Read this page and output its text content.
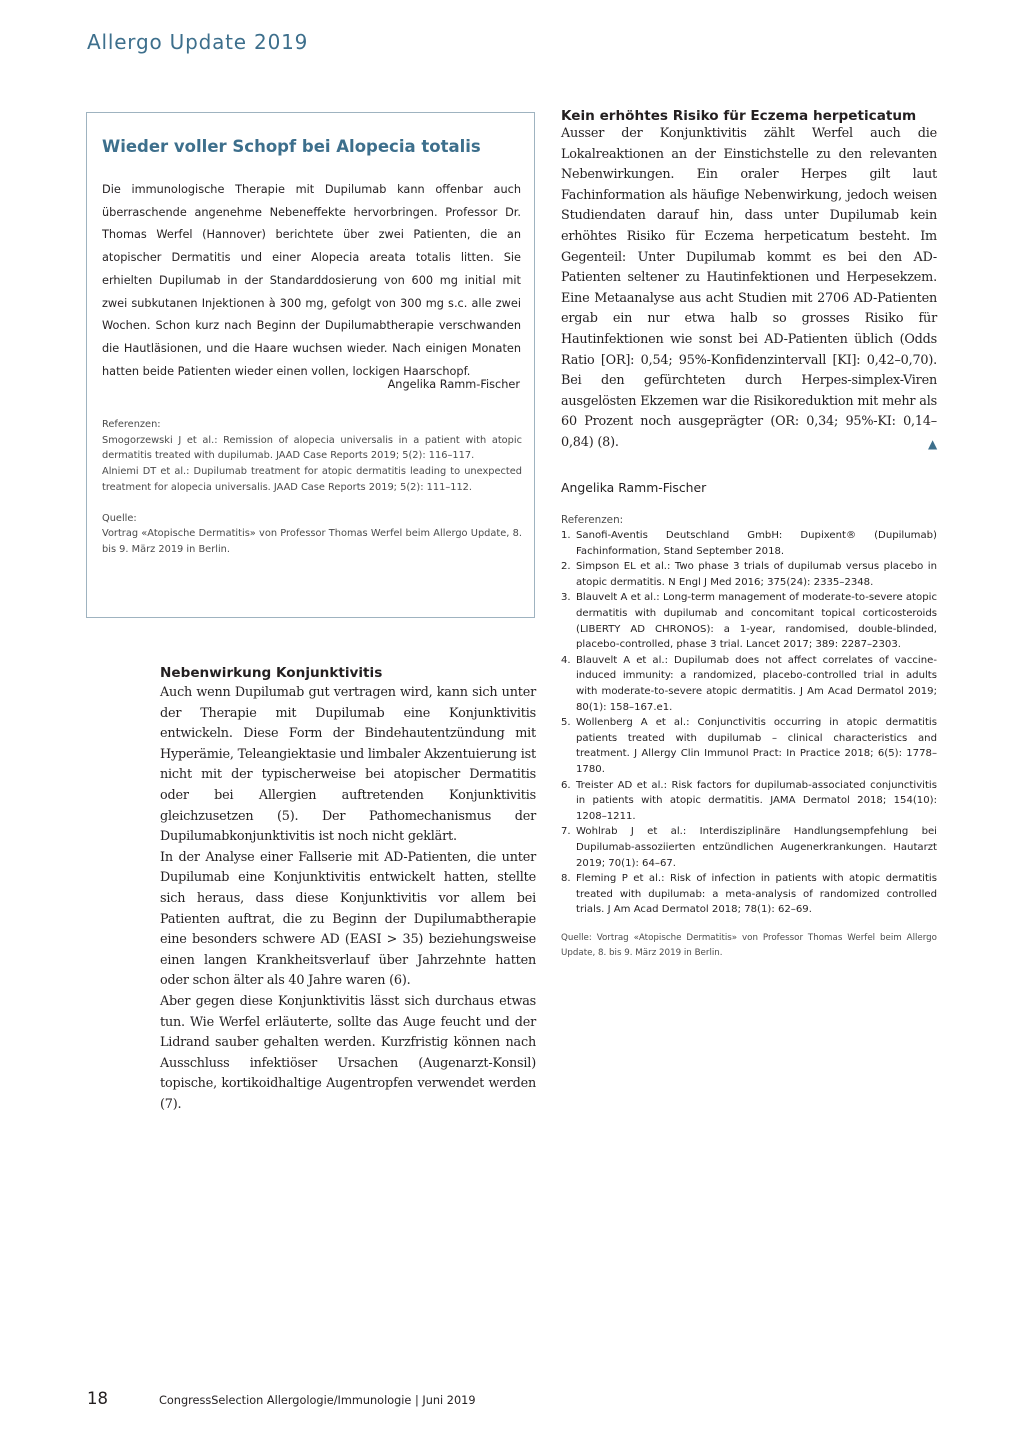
Allergo Update 2019
Wieder voller Schopf bei Alopecia totalis

Die immunologische Therapie mit Dupilumab kann offenbar auch überraschende angenehme Nebeneffekte hervorbringen. Professor Dr. Thomas Werfel (Hannover) berichtete über zwei Patienten, die an atopischer Dermatitis und einer Alopecia areata totalis litten. Sie erhielten Dupilumab in der Standarddosierung von 600 mg initial mit zwei subkutanen Injektionen à 300 mg, gefolgt von 300 mg s.c. alle zwei Wochen. Schon kurz nach Beginn der Dupilumabtherapie verschwanden die Hautläsionen, und die Haare wuchsen wieder. Nach einigen Monaten hatten beide Patienten wieder einen vollen, lockigen Haarschopf.

Angelika Ramm-Fischer

Referenzen:

Smogorzewski J et al.: Remission of alopecia universalis in a patient with atopic dermatitis treated with dupilumab. JAAD Case Reports 2019; 5(2): 116–117.

Alniemi DT et al.: Dupilumab treatment for atopic dermatitis leading to unexpected treatment for alopecia universalis. JAAD Case Reports 2019; 5(2): 111–112.

Quelle:

Vortrag «Atopische Dermatitis» von Professor Thomas Werfel beim Allergo Update, 8. bis 9. März 2019 in Berlin.

Nebenwirkung Konjunktivitis

Auch wenn Dupilumab gut vertragen wird, kann sich unter der Therapie mit Dupilumab eine Konjunktivitis entwickeln. Diese Form der Bindehautentzündung mit Hyperämie, Teleangiektasie und limbaler Akzentuierung ist nicht mit der typischerweise bei atopischer Dermatitis oder bei Allergien auftretenden Konjunktivitis gleichzusetzen (5). Der Pathomechanismus der Dupilumabkonjunktivitis ist noch nicht geklärt.

In der Analyse einer Fallserie mit AD-Patienten, die unter Dupilumab eine Konjunktivitis entwickelt hatten, stellte sich heraus, dass diese Konjunktivitis vor allem bei Patienten auftrat, die zu Beginn der Dupilumabtherapie eine besonders schwere AD (EASI > 35) beziehungsweise einen langen Krankheitsverlauf über Jahrzehnte hatten oder schon älter als 40 Jahre waren (6).

Aber gegen diese Konjunktivitis lässt sich durchaus etwas tun. Wie Werfel erläuterte, sollte das Auge feucht und der Lidrand sauber gehalten werden. Kurzfristig können nach Ausschluss infektiöser Ursachen (Augenarzt-Konsil) topische, kortikoidhaltige Augentropfen verwendet werden (7).

Kein erhöhtes Risiko für Eczema herpeticatum

Ausser der Konjunktivitis zählt Werfel auch die Lokalreaktionen an der Einstichstelle zu den relevanten Nebenwirkungen. Ein oraler Herpes gilt laut Fachinformation als häufige Nebenwirkung, jedoch weisen Studiendaten darauf hin, dass unter Dupilumab kein erhöhtes Risiko für Eczema herpeticatum besteht. Im Gegenteil: Unter Dupilumab kommt es bei den AD-Patienten seltener zu Hautinfektionen und Herpesekzem. Eine Metaanalyse aus acht Studien mit 2706 AD-Patienten ergab ein nur etwa halb so grosses Risiko für Hautinfektionen wie sonst bei AD-Patienten üblich (Odds Ratio [OR]: 0,54; 95%-Konfidenzintervall [KI]: 0,42–0,70). Bei den gefürchteten durch Herpes-simplex-Viren ausgelösten Ekzemen war die Risikoreduktion mit mehr als 60 Prozent noch ausgeprägter (OR: 0,34; 95%-KI: 0,14–0,84) (8).	▲

Angelika Ramm-Fischer

Referenzen:

1. Sanofi-Aventis Deutschland GmbH: Dupixent® (Dupilumab) Fachinformation, Stand September 2018.
2. Simpson EL et al.: Two phase 3 trials of dupilumab versus placebo in atopic dermatitis. N Engl J Med 2016; 375(24): 2335–2348.
3. Blauvelt A et al.: Long-term management of moderate-to-severe atopic dermatitis with dupilumab and concomitant topical corticosteroids (LIBERTY AD CHRONOS): a 1-year, randomised, double-blinded, placebo-controlled, phase 3 trial. Lancet 2017; 389: 2287–2303.
4. Blauvelt A et al.: Dupilumab does not affect correlates of vaccine-induced immunity: a randomized, placebo-controlled trial in adults with moderate-to-severe atopic dermatitis. J Am Acad Dermatol 2019; 80(1): 158–167.e1.
5. Wollenberg A et al.: Conjunctivitis occurring in atopic dermatitis patients treated with dupilumab – clinical characteristics and treatment. J Allergy Clin Immunol Pract: In Practice 2018; 6(5): 1778–1780.
6. Treister AD et al.: Risk factors for dupilumab-associated conjunctivitis in patients with atopic dermatitis. JAMA Dermatol 2018; 154(10): 1208–1211.
7. Wohlrab J et al.: Interdisziplinäre Handlungsempfehlung bei Dupilumab-assoziierten entzündlichen Augenerkrankungen. Hautarzt 2019; 70(1): 64–67.
8. Fleming P et al.: Risk of infection in patients with atopic dermatitis treated with dupilumab: a meta-analysis of randomized controlled trials. J Am Acad Dermatol 2018; 78(1): 62–69.

Quelle: Vortrag «Atopische Dermatitis» von Professor Thomas Werfel beim Allergo Update, 8. bis 9. März 2019 in Berlin.

18	CongressSelection Allergologie/Immunologie | Juni 2019
